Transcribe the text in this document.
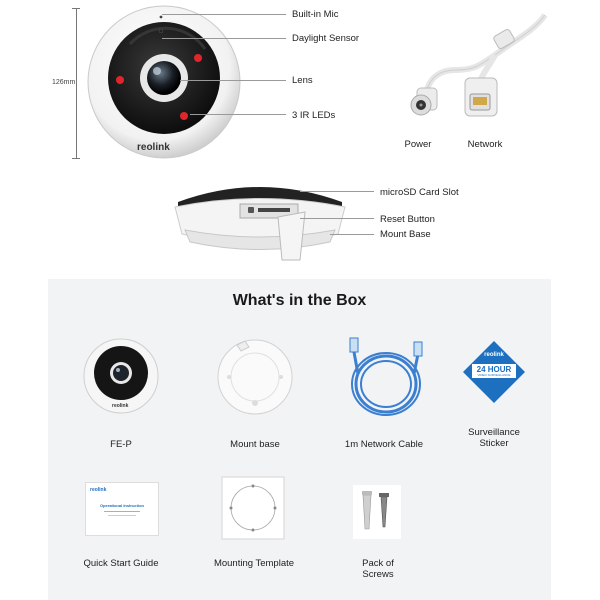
126mm
reolink
Built-in Mic
Daylight Sensor
Lens
3 IR LEDs
Power	Network
microSD Card Slot
Reset Button
Mount Base
What's in the Box
reolink
FE-P	Mount base	1m Network Cable
reolink
24 HOUR
VIDEO SURVEILLANCE
Surveillance
Sticker
reolink
Operational Instruction
Quick Start Guide	Mounting Template	Pack of
Screws
